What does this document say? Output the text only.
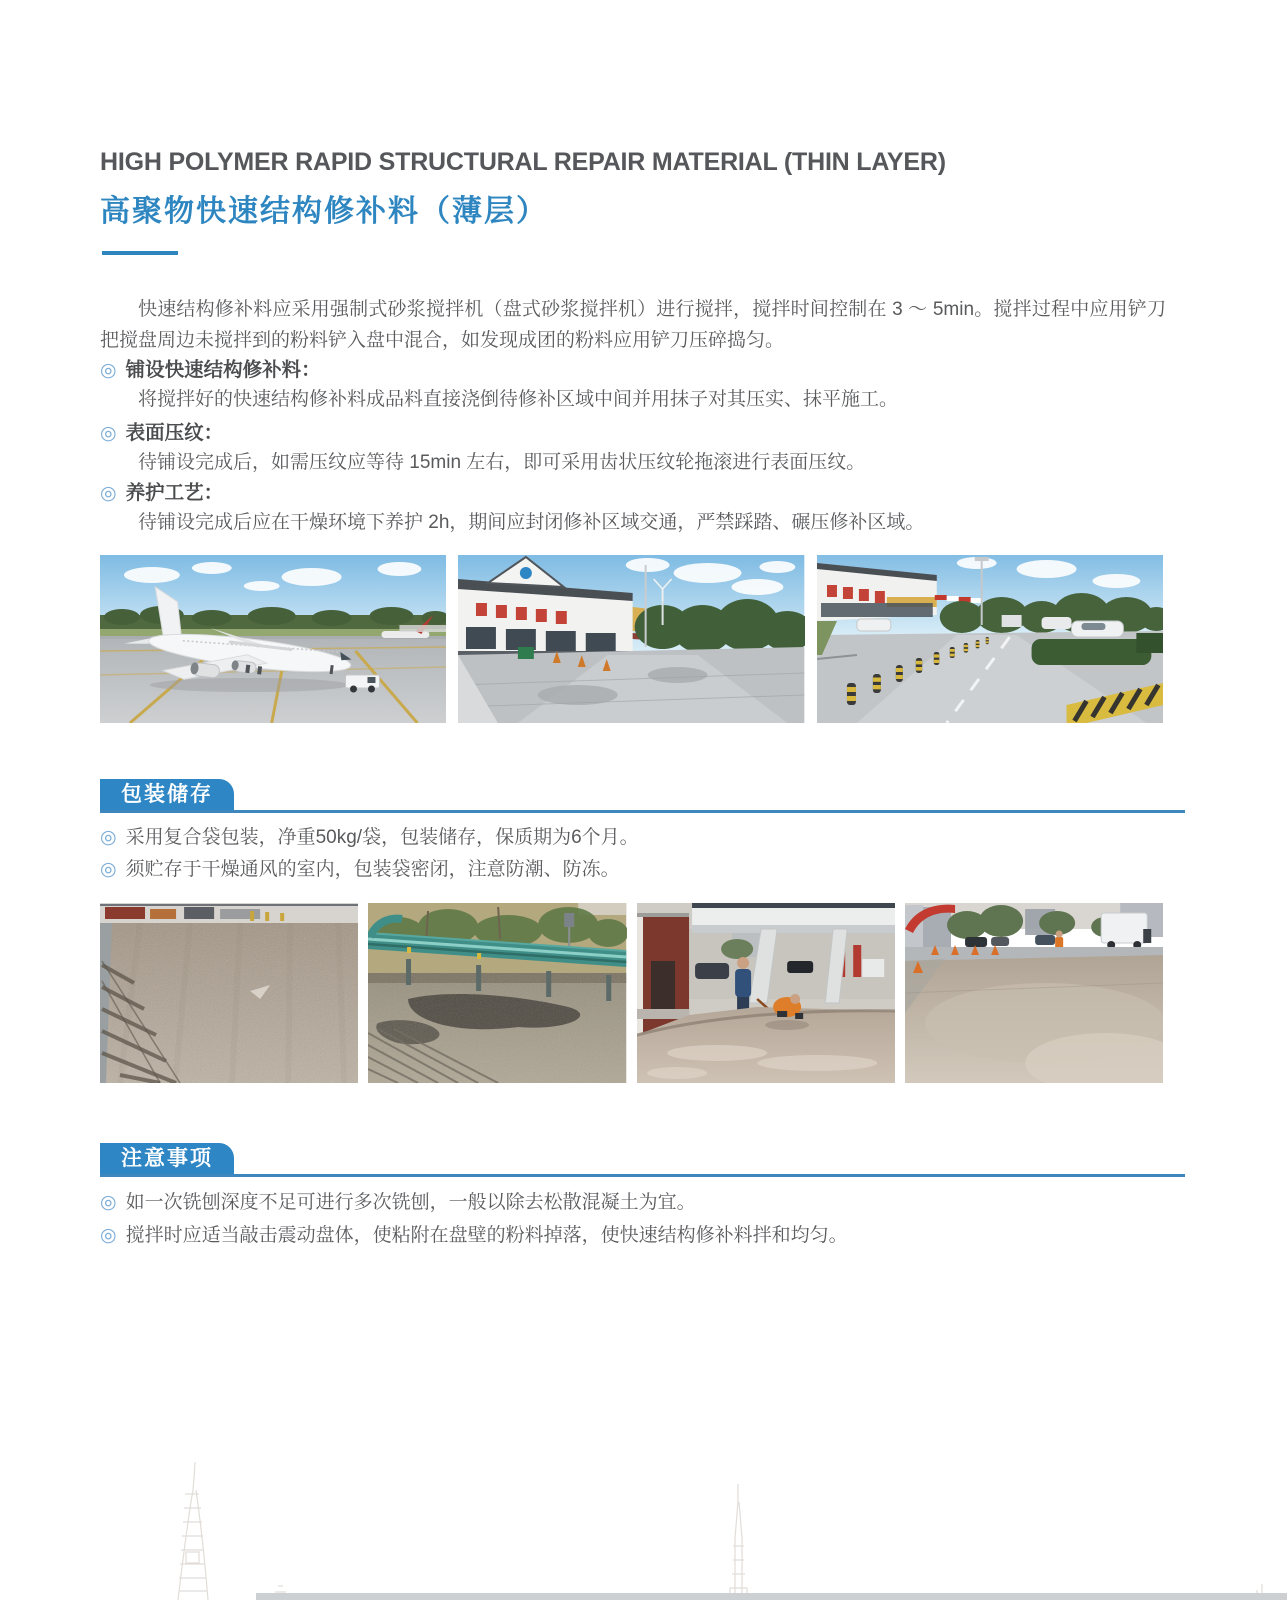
HIGH POLYMER RAPID STRUCTURAL REPAIR MATERIAL (THIN LAYER)
高聚物快速结构修补料（薄层）

快速结构修补料应采用强制式砂浆搅拌机（盘式砂浆搅拌机）进行搅拌，搅拌时间控制在 3 ～ 5min。搅拌过程中应用铲刀把搅盘周边未搅拌到的粉料铲入盘中混合，如发现成团的粉料应用铲刀压碎捣匀。

◎ 铺设快速结构修补料：
将搅拌好的快速结构修补料成品料直接浇倒待修补区域中间并用抹子对其压实、抹平施工。
◎ 表面压纹：
待铺设完成后，如需压纹应等待 15min 左右，即可采用齿状压纹轮拖滚进行表面压纹。
◎ 养护工艺：
待铺设完成后应在干燥环境下养护 2h，期间应封闭修补区域交通，严禁踩踏、碾压修补区域。
包装储存
◎ 采用复合袋包装，净重50kg/袋，包装储存，保质期为6个月。
◎ 须贮存于干燥通风的室内，包装袋密闭，注意防潮、防冻。
注意事项
◎ 如一次铣刨深度不足可进行多次铣刨，一般以除去松散混凝土为宜。
◎ 搅拌时应适当敲击震动盘体，使粘附在盘壁的粉料掉落，使快速结构修补料拌和均匀。
